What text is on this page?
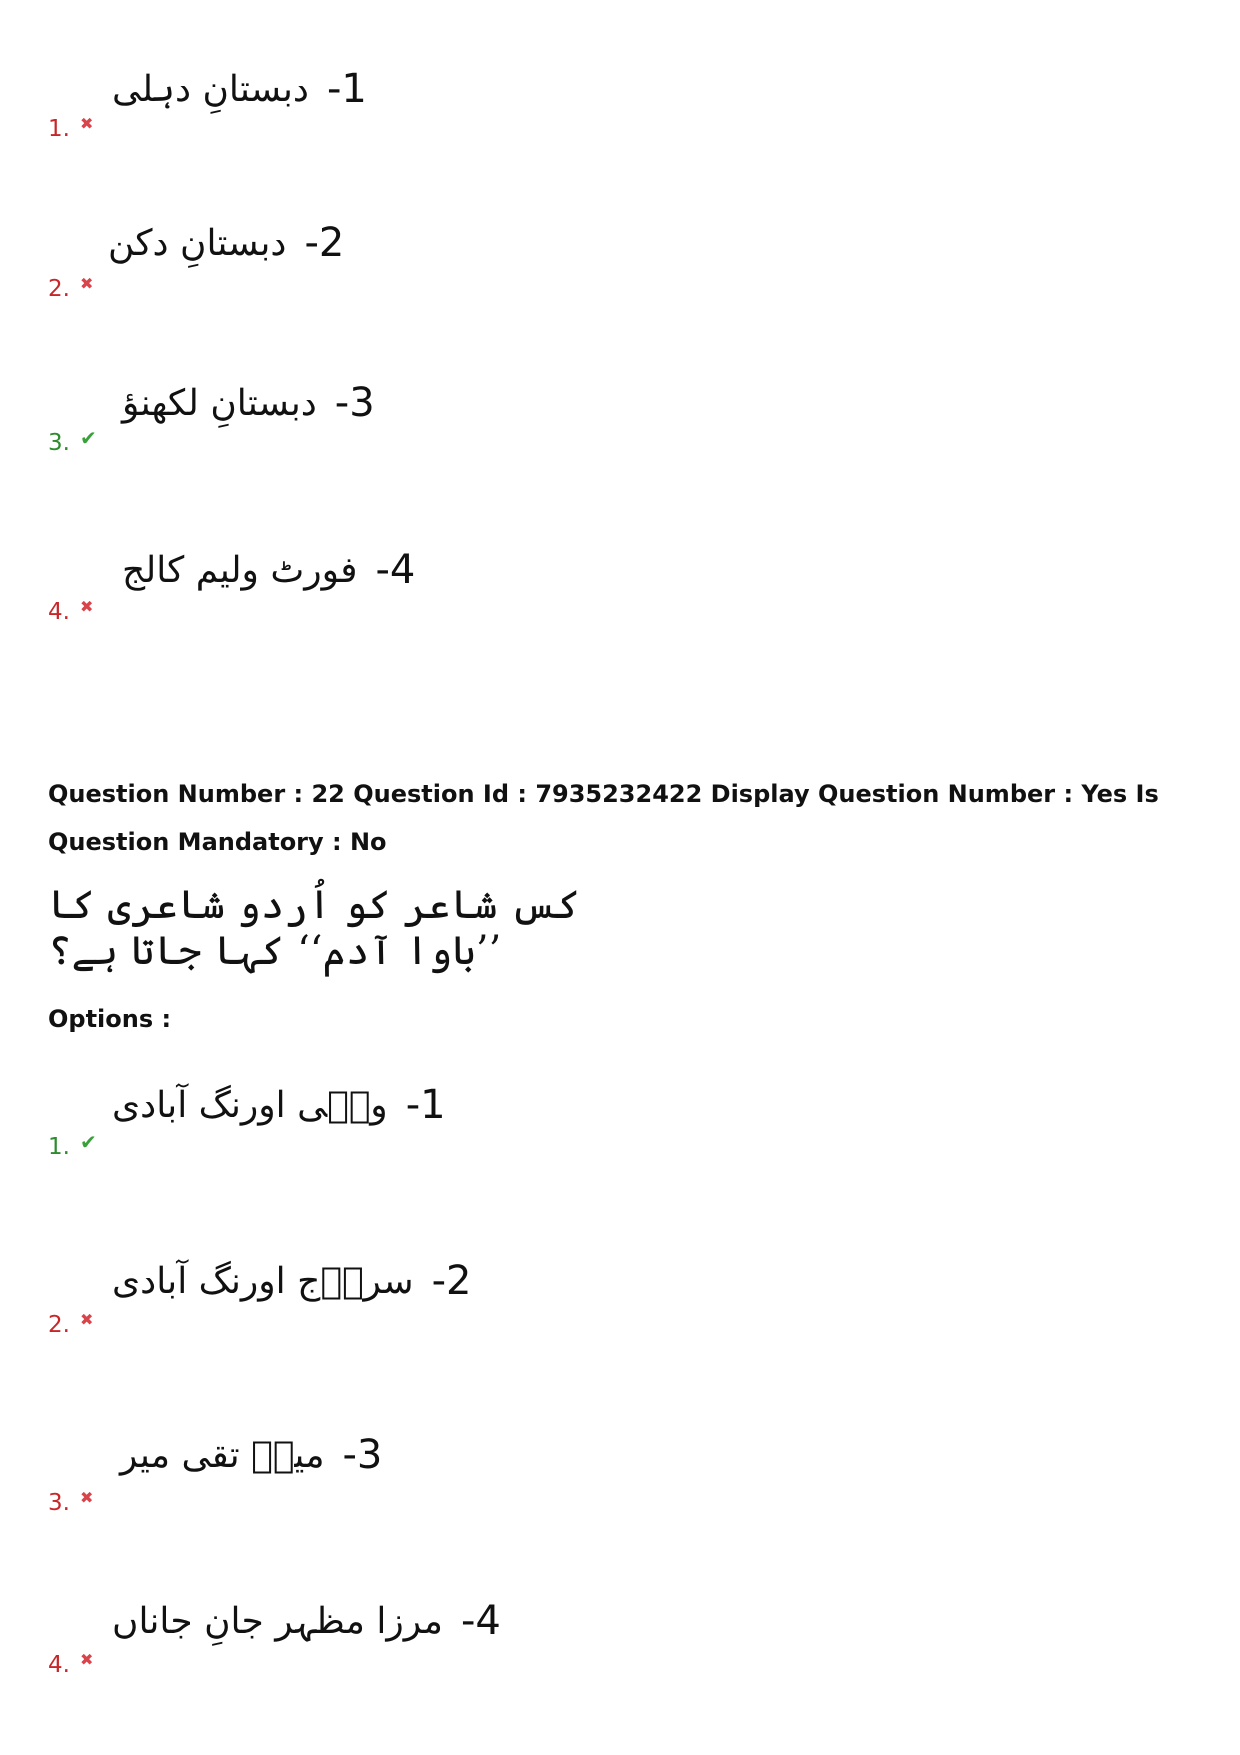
1. ✖
دبستانِ دہلی -1
2. ✖
دبستانِ دکن -2
3. ✔
دبستانِ لکھنؤ -3
4. ✖
فورٹ ولیم کالج -4
Question Number : 22 Question Id : 7935232422 Display Question Number : Yes Is Question Mandatory : No
کس شاعر کو اُردو شاعری کا ’’باوا آدم‘‘ کہا جاتا ہے؟
Options :
1. ✔
ولؔی اورنگ آبادی -1
2. ✖
سراؔج اورنگ آبادی -2
3. ✖
میرؔ تقی میر -3
4. ✖
مرزا مظہر جانِ جاناں -4
